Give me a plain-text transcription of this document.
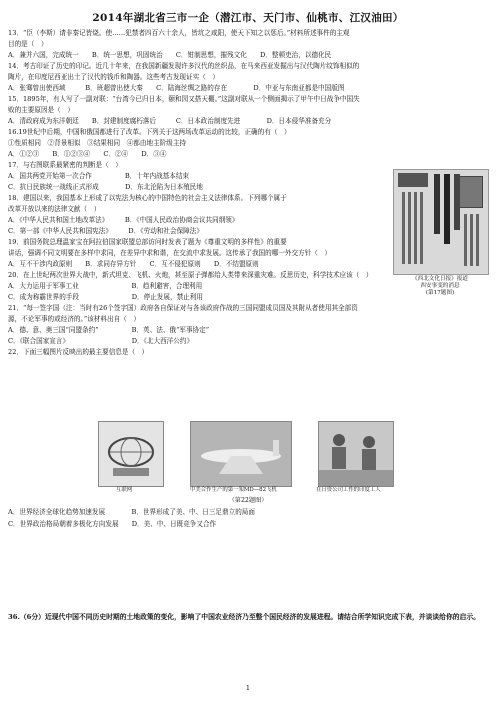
2014年湖北省三市一企（潜江市、天门市、仙桃市、江汉油田）
13．“臣（李斯）请非秦记皆烧。使……犯禁者四百六十余人，皆坑之咸阳，使天下知之以惩后。”材料所述事件的主观
目的是（　）
A．兼并六国，完成统一　　B．统一思想，巩固统治　　C．钳制思想，摧残文化　　D．整顿吏治，以德化民
14．考古印证了历史的印记。近几十年来，在我国新疆发现许多汉代的丝织品，在马来西亚发掘出与汉代陶片纹饰相似的
陶片，在印度尼西亚出土了汉代的钱币和陶器。这些考古发现证实（　）
A．张骞曾出使西域　　　B．班超曾出使大秦　　C．陆海丝绸之路的存在　　　　D．中亚与东南亚都是中国版图
15．1895年，有人写了一副对联：“台湾今已归日本，颐和园又搭天棚。”这副对联从一个侧面揭示了甲午中日战争中国失
败的主要原因是（　）
A．清政府成为东洋朝廷　　B．封建制度腐朽落后　　　C．日本政治制度先进　　　　D．日本侵华准备充分
16.19世纪中后期，中国和俄国都进行了改革。下列关于这两场改革运动的比较，正确的有（　）
①性质相同　②背景相似　③结果相同　④都由地主阶级主持
A．①②③　　B．①②③④　　C．②④　　D．③④
17．与右图联系最紧密的判断是（　）
A．国共两党开始第一次合作　　　　　B．十年内战基本结束
C．抗日民族统一战线正式形成　　　　D．东北沦陷为日本殖民地
18．建国以来，我国基本上形成了以宪法为核心的中国特色的社会主义法律体系。下列哪个属于
改革开放以来的法律文献（　）
A．《中华人民共和国土地改革法》　　　B．《中国人民政治协商会议共同纲领》
C．第一部《中华人民共和国宪法》　　　D．《劳动和社会保障法》
19．前国务院总理温家宝在阿拉伯国家联盟总部访问时发表了题为《尊重文明的多样性》的重要
讲话，强调不同文明要在多样中求同，在差异中求和谐，在交流中求发展。这传承了我国的哪一外交方针（　）
A．互不干涉内政原则　　B．求同存异方针　　C．互不侵犯原则　　D．不结盟原则
20．在上世纪两次世界大战中，新式坦克、飞机、火炮，甚至原子弹都给人类带来深重灾难。反思历史，科学技术应该（　）
A．大力运用于军事工业　　　　　　　　B．趋利避害，合理利用
C．成为称霸世界的手段　　　　　　　　D．停止发展，禁止利用
21．“每一签字国（注：当时有26个签字国）政府各自保证对与各该政府作战的三国同盟成员国及其附从者使用其全部资
源，不论军事的或经济的。”该材料出自（　）
A．德、意、奥三国“同盟条约”　　　　　B．英、法、俄“军事协定”
C．《联合国家宣言》　　　　　　　　　　D．《北大西洋公约》
22．下面三幅图片反映出的最主要信息是（　）
《西北文化日报》报道
西安事变的消息
(第17题图)
互联网	中美合作生产的第一架MD—82飞机	在日资公司工作的印度工人
（第22题图）
A．世界经济全球化趋势加速发展　　　　B．世界形成了美、中、日三足鼎立的局面
C．世界政治格局朝着多极化方向发展　　D．美、中、日既竞争又合作
36.（6分）近现代中国不同历史时期的土地政策的变化，影响了中国农业经济乃至整个国民经济的发展进程。请结合所学知识完成下表，并谈谈给你的启示。
1
